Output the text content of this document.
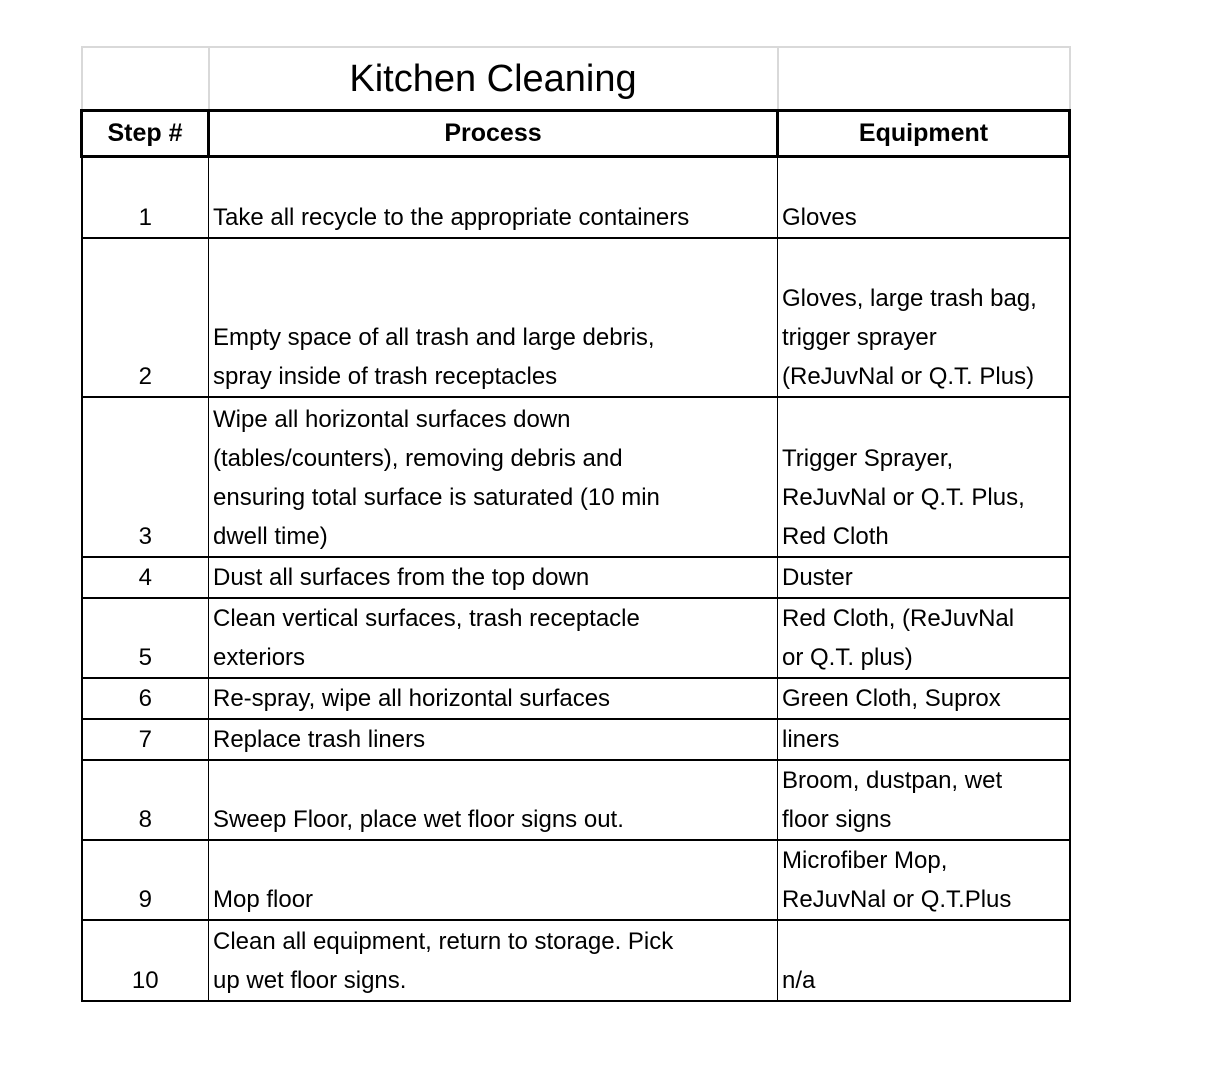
	Kitchen Cleaning	
Step #	Process	Equipment
1	Take all recycle to the appropriate containers	Gloves

2	Empty space of all trash and large debris,
spray inside of trash receptacles	Gloves, large trash bag,
trigger sprayer
(ReJuvNal or Q.T. Plus)

3	Wipe all horizontal surfaces down
(tables/counters), removing debris and
ensuring total surface is saturated (10 min
dwell time)	Trigger Sprayer,
ReJuvNal or Q.T. Plus,
Red Cloth

4	Dust all surfaces from the top down	Duster

5	Clean vertical surfaces, trash receptacle
exteriors	Red Cloth, (ReJuvNal
or Q.T. plus)

6	Re-spray, wipe all horizontal surfaces	Green Cloth, Suprox

7	Replace trash liners	liners

8	Sweep Floor, place wet floor signs out.	Broom, dustpan, wet
floor signs

9	Mop floor	Microfiber Mop,
ReJuvNal or Q.T.Plus

10	Clean all equipment, return to storage. Pick
up wet floor signs.	n/a
